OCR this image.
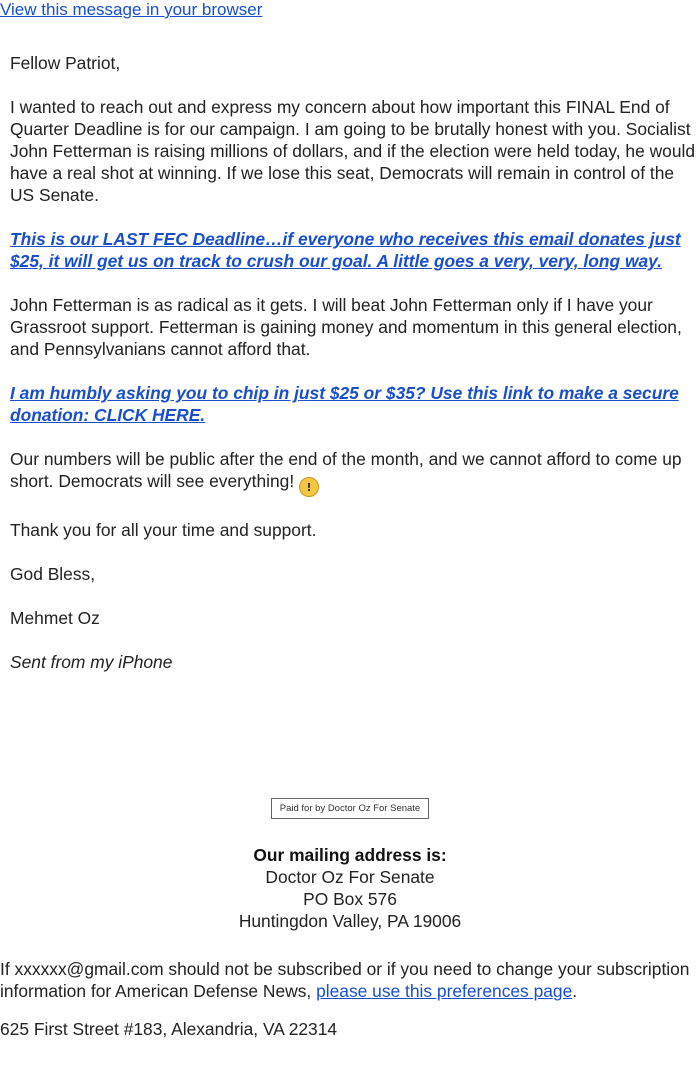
View this message in your browser

Fellow Patriot,

I wanted to reach out and express my concern about how important this FINAL End of Quarter Deadline is for our campaign. I am going to be brutally honest with you. Socialist John Fetterman is raising millions of dollars, and if the election were held today, he would have a real shot at winning. If we lose this seat, Democrats will remain in control of the US Senate.

This is our LAST FEC Deadline…if everyone who receives this email donates just $25, it will get us on track to crush our goal. A little goes a very, very, long way.

John Fetterman is as radical as it gets. I will beat John Fetterman only if I have your Grassroot support. Fetterman is gaining money and momentum in this general election, and Pennsylvanians cannot afford that.

I am humbly asking you to chip in just $25 or $35? Use this link to make a secure donation: CLICK HERE.

Our numbers will be public after the end of the month, and we cannot afford to come up short. Democrats will see everything! !

Thank you for all your time and support.

God Bless,

Mehmet Oz

Sent from my iPhone

Paid for by Doctor Oz For Senate
Our mailing address is:
Doctor Oz For Senate
PO Box 576
Huntingdon Valley, PA 19006
If xxxxxx@gmail.com should not be subscribed or if you need to change your subscription information for American Defense News, please use this preferences page.
625 First Street #183, Alexandria, VA 22314
